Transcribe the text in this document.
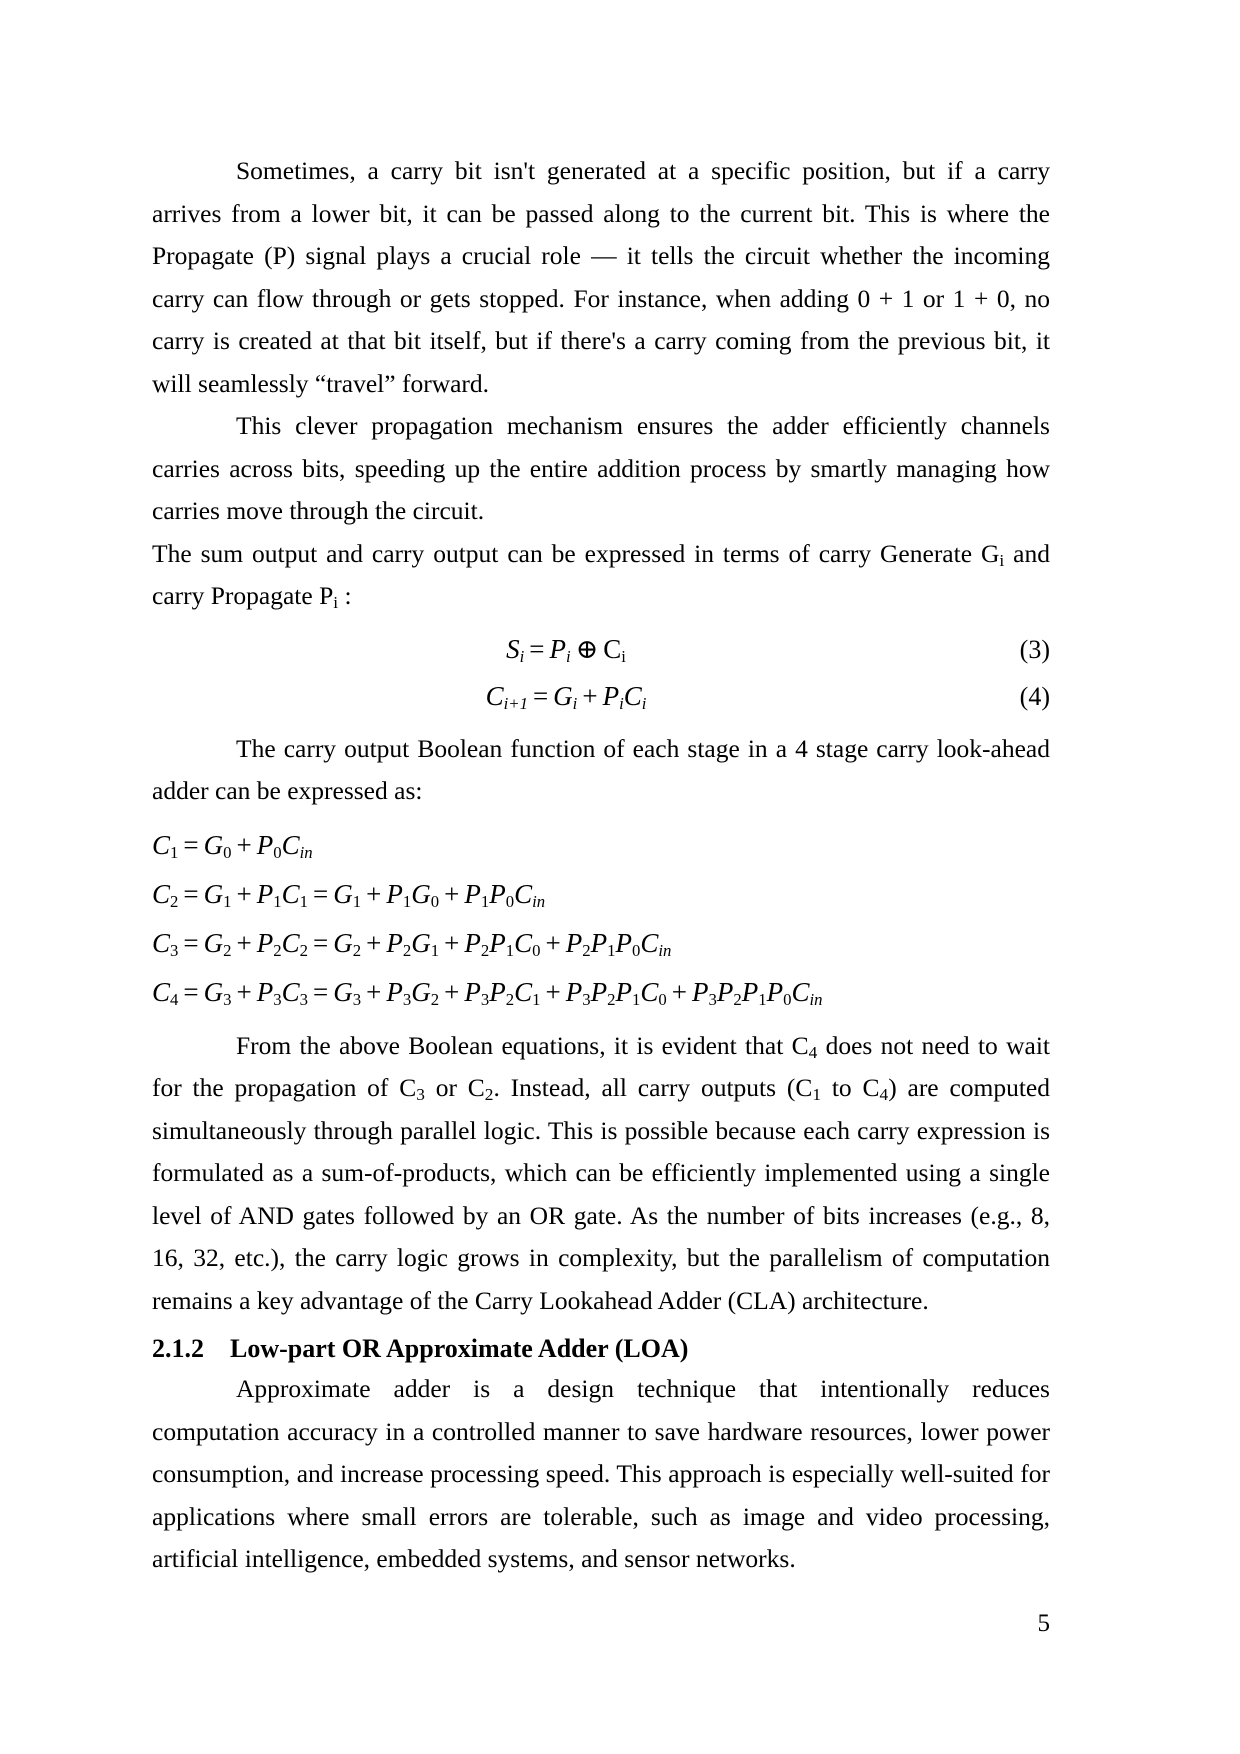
Sometimes, a carry bit isn't generated at a specific position, but if a carry arrives from a lower bit, it can be passed along to the current bit. This is where the Propagate (P) signal plays a crucial role — it tells the circuit whether the incoming carry can flow through or gets stopped. For instance, when adding 0 + 1 or 1 + 0, no carry is created at that bit itself, but if there's a carry coming from the previous bit, it will seamlessly “travel” forward.

This clever propagation mechanism ensures the adder efficiently channels carries across bits, speeding up the entire addition process by smartly managing how carries move through the circuit.

The sum output and carry output can be expressed in terms of carry Generate $G_i$ and carry Propagate $P_i$ :

$S_i = P_i$ ⊕ $C_i$	(3)
$C_{i+1} = G_i + P_iC_i$	(4)

The carry output Boolean function of each stage in a 4 stage carry look-ahead adder can be expressed as:

$C_1 = G_0 + P_0C_{in}$
$C_2 = G_1 + P_1C_1 = G_1 + P_1G_0 + P_1P_0C_{in}$
$C_3 = G_2 + P_2C_2 = G_2 + P_2G_1 + P_2P_1C_0 + P_2P_1P_0C_{in}$
$C_4 = G_3 + P_3C_3 = G_3 + P_3G_2 + P_3P_2C_1 + P_3P_2P_1C_0 + P_3P_2P_1P_0C_{in}$

From the above Boolean equations, it is evident that $C_4$ does not need to wait for the propagation of $C_3$ or $C_2$. Instead, all carry outputs ($C_1$ to $C_4$) are computed simultaneously through parallel logic. This is possible because each carry expression is formulated as a sum-of-products, which can be efficiently implemented using a single level of AND gates followed by an OR gate. As the number of bits increases (e.g., 8, 16, 32, etc.), the carry logic grows in complexity, but the parallelism of computation remains a key advantage of the Carry Lookahead Adder (CLA) architecture.

2.1.2	Low-part OR Approximate Adder (LOA)

Approximate adder is a design technique that intentionally reduces computation accuracy in a controlled manner to save hardware resources, lower power consumption, and increase processing speed. This approach is especially well-suited for applications where small errors are tolerable, such as image and video processing, artificial intelligence, embedded systems, and sensor networks.

5
